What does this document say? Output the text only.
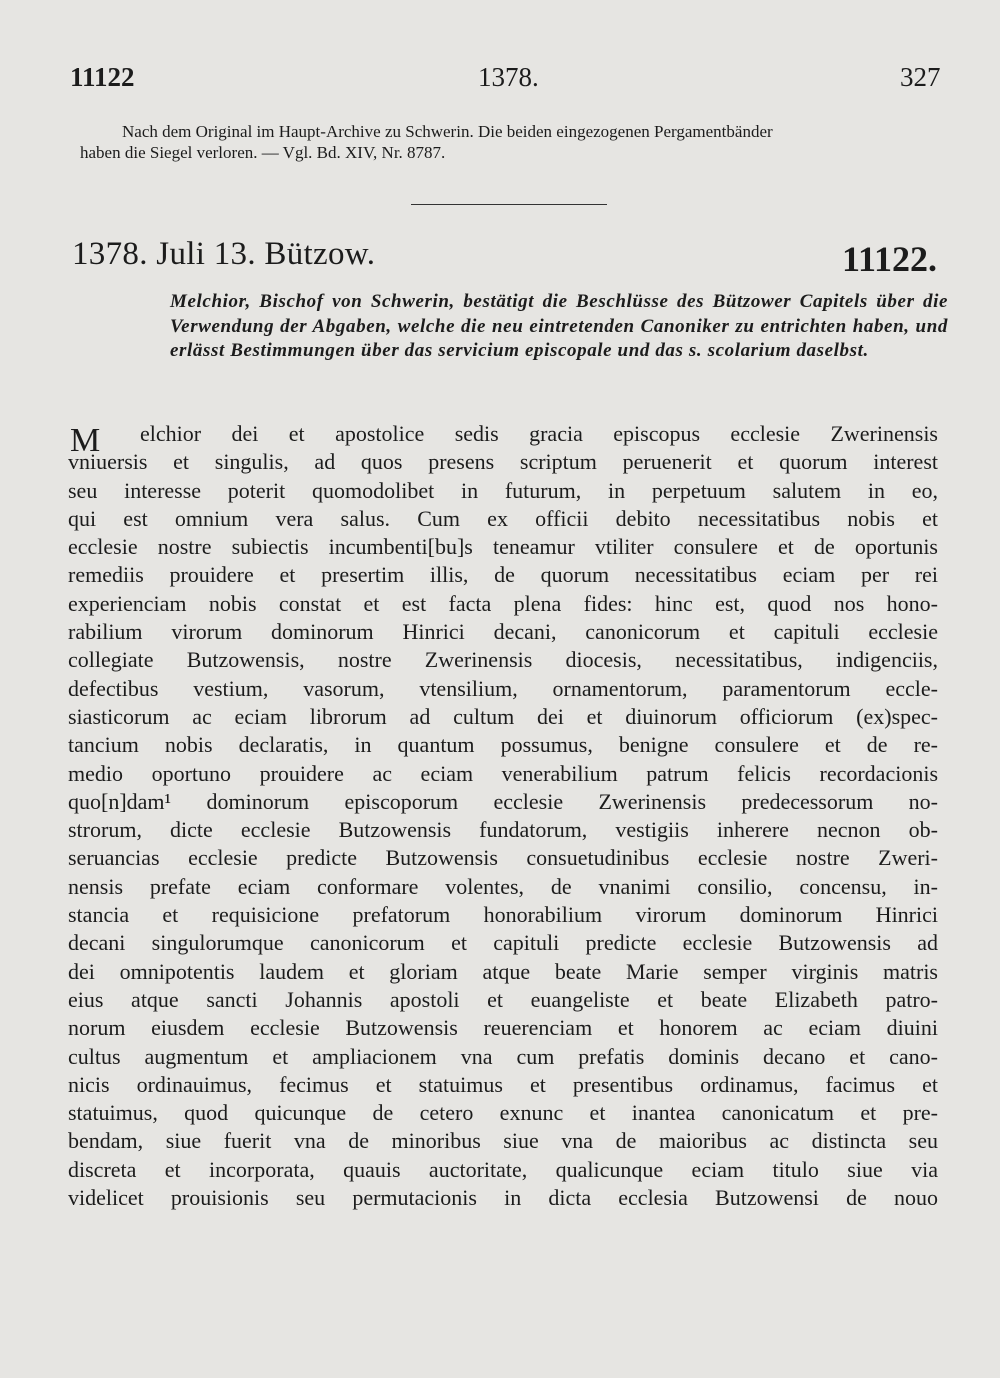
11122	1378.	327
Nach dem Original im Haupt-Archive zu Schwerin. Die beiden eingezogenen Pergamentbänder
haben die Siegel verloren. — Vgl. Bd. XIV, Nr. 8787.
1378. Juli 13. Bützow.	11122.
Melchior, Bischof von Schwerin, bestätigt die Beschlüsse des Bützower Capitels über die Verwendung der Abgaben, welche die neu eintretenden Canoniker zu entrichten haben, und erlässt Bestimmungen über das servicium episcopale und das s. scolarium daselbst.
M	elchior dei et apostolice sedis gracia episcopus ecclesie Zwerinensis
vniuersis et singulis, ad quos presens scriptum peruenerit et quorum interest
seu interesse poterit quomodolibet in futurum, in perpetuum salutem in eo,
qui est omnium vera salus. Cum ex officii debito necessitatibus nobis et
ecclesie nostre subiectis incumbenti[bu]s teneamur vtiliter consulere et de oportunis
remediis prouidere et presertim illis, de quorum necessitatibus eciam per rei
experienciam nobis constat et est facta plena fides: hinc est, quod nos hono-
rabilium virorum dominorum Hinrici decani, canonicorum et capituli ecclesie
collegiate Butzowensis, nostre Zwerinensis diocesis, necessitatibus, indigenciis,
defectibus vestium, vasorum, vtensilium, ornamentorum, paramentorum eccle-
siasticorum ac eciam librorum ad cultum dei et diuinorum officiorum (ex)spec-
tancium nobis declaratis, in quantum possumus, benigne consulere et de re-
medio oportuno prouidere ac eciam venerabilium patrum felicis recordacionis
quo[n]dam¹ dominorum episcoporum ecclesie Zwerinensis predecessorum no-
strorum, dicte ecclesie Butzowensis fundatorum, vestigiis inherere necnon ob-
seruancias ecclesie predicte Butzowensis consuetudinibus ecclesie nostre Zweri-
nensis prefate eciam conformare volentes, de vnanimi consilio, concensu, in-
stancia et requisicione prefatorum honorabilium virorum dominorum Hinrici
decani singulorumque canonicorum et capituli predicte ecclesie Butzowensis ad
dei omnipotentis laudem et gloriam atque beate Marie semper virginis matris
eius atque sancti Johannis apostoli et euangeliste et beate Elizabeth patro-
norum eiusdem ecclesie Butzowensis reuerenciam et honorem ac eciam diuini
cultus augmentum et ampliacionem vna cum prefatis dominis decano et cano-
nicis ordinauimus, fecimus et statuimus et presentibus ordinamus, facimus et
statuimus, quod quicunque de cetero exnunc et inantea canonicatum et pre-
bendam, siue fuerit vna de minoribus siue vna de maioribus ac distincta seu
discreta et incorporata, quauis auctoritate, qualicunque eciam titulo siue via
videlicet prouisionis seu permutacionis in dicta ecclesia Butzowensi de nouo
